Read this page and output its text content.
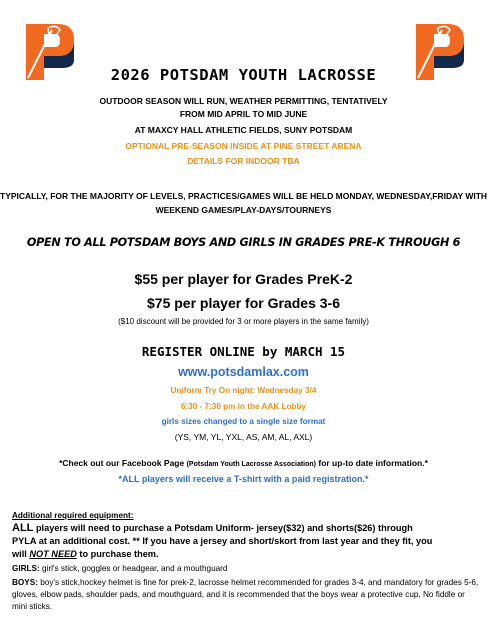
2026 POTSDAM YOUTH LACROSSE
OUTDOOR SEASON WILL RUN, WEATHER PERMITTING, TENTATIVELY
FROM MID APRIL TO MID JUNE
AT MAXCY HALL ATHLETIC FIELDS, SUNY POTSDAM
OPTIONAL PRE-SEASON INSIDE AT PINE STREET ARENA
DETAILS FOR INDOOR TBA
TYPICALLY, FOR THE MAJORITY OF LEVELS, PRACTICES/GAMES WILL BE HELD MONDAY, WEDNESDAY,FRIDAY WITH
WEEKEND GAMES/PLAY-DAYS/TOURNEYS
OPEN TO ALL POTSDAM BOYS AND GIRLS IN GRADES PRE-K THROUGH 6
$55 per player for Grades PreK-2
$75 per player for Grades 3-6
($10 discount will be provided for 3 or more players in the same family)
REGISTER ONLINE by MARCH 15
www.potsdamlax.com
Uniform Try On night: Wednesday 3/4
6:30 - 7:30 pm in the AAK Lobby
girls sizes changed to a single size format
(YS, YM, YL, YXL, AS, AM, AL, AXL)
*Check out our Facebook Page (Potsdam Youth Lacrosse Association) for up-to date information.*
*ALL players will receive a T-shirt with a paid registration.*
Additional required equipment:
ALL players will need to purchase a Potsdam Uniform- jersey($32) and shorts($26) through
PYLA at an additional cost. ** If you have a jersey and short/skort from last year and they fit, you
will NOT NEED to purchase them.
GIRLS: girl's stick, goggles or headgear, and a mouthguard
BOYS: boy's stick,hockey helmet is fine for prek-2, lacrosse helmet recommended for grades 3-4, and mandatory for grades 5-6, gloves, elbow pads, shoulder pads, and mouthguard, and it is recommended that the boys wear a protective cup. No fiddle or mini sticks.
